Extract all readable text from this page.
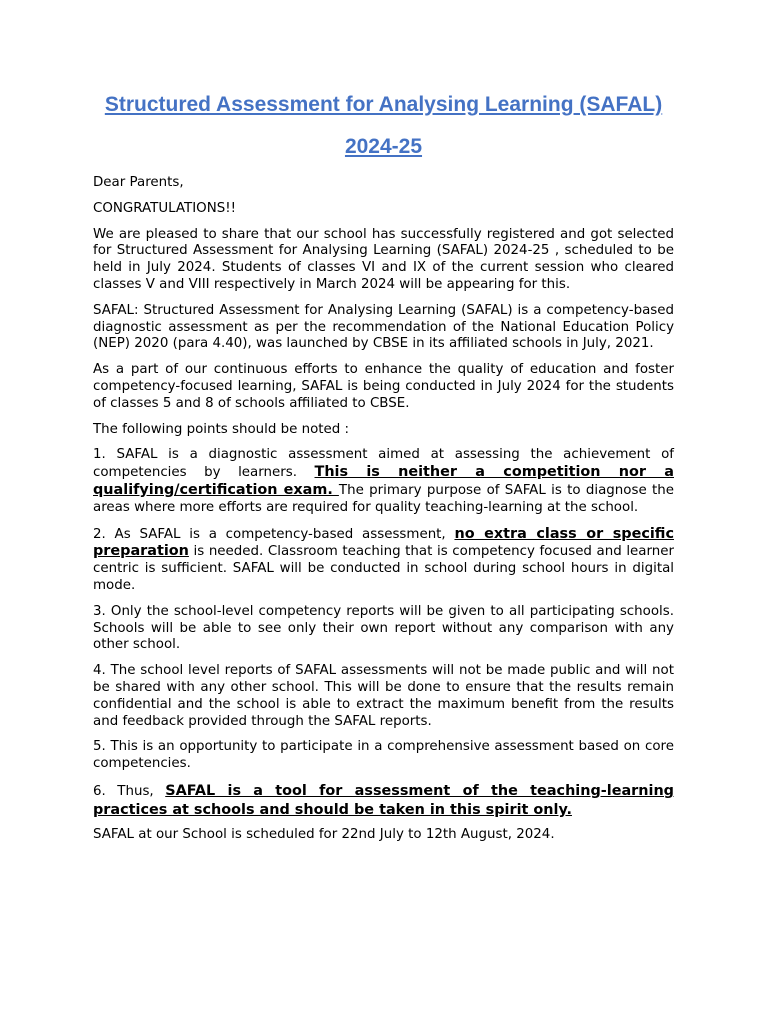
Structured Assessment for Analysing Learning (SAFAL)
2024-25

Dear Parents,

CONGRATULATIONS!!

We are pleased to share that our school has successfully registered and got selected for Structured Assessment for Analysing Learning (SAFAL) 2024-25 , scheduled to be held in July 2024. Students of classes VI and IX of the current session who cleared classes V and VIII respectively in March 2024 will be appearing for this.

SAFAL: Structured Assessment for Analysing Learning (SAFAL) is a competency-based diagnostic assessment as per the recommendation of the National Education Policy (NEP) 2020 (para 4.40), was launched by CBSE in its affiliated schools in July, 2021.

As a part of our continuous efforts to enhance the quality of education and foster competency-focused learning, SAFAL is being conducted in July 2024 for the students of classes 5 and 8 of schools affiliated to CBSE.

The following points should be noted :

1. SAFAL is a diagnostic assessment aimed at assessing the achievement of competencies by learners. This is neither a competition nor a qualifying/certification exam. The primary purpose of SAFAL is to diagnose the areas where more efforts are required for quality teaching-learning at the school.

2. As SAFAL is a competency-based assessment, no extra class or specific preparation is needed. Classroom teaching that is competency focused and learner centric is sufficient. SAFAL will be conducted in school during school hours in digital mode.

3. Only the school-level competency reports will be given to all participating schools. Schools will be able to see only their own report without any comparison with any other school.

4. The school level reports of SAFAL assessments will not be made public and will not be shared with any other school. This will be done to ensure that the results remain confidential and the school is able to extract the maximum benefit from the results and feedback provided through the SAFAL reports.

5. This is an opportunity to participate in a comprehensive assessment based on core competencies.

6. Thus, SAFAL is a tool for assessment of the teaching-learning practices at schools and should be taken in this spirit only.

SAFAL at our School is scheduled for 22nd July to 12th August, 2024.
